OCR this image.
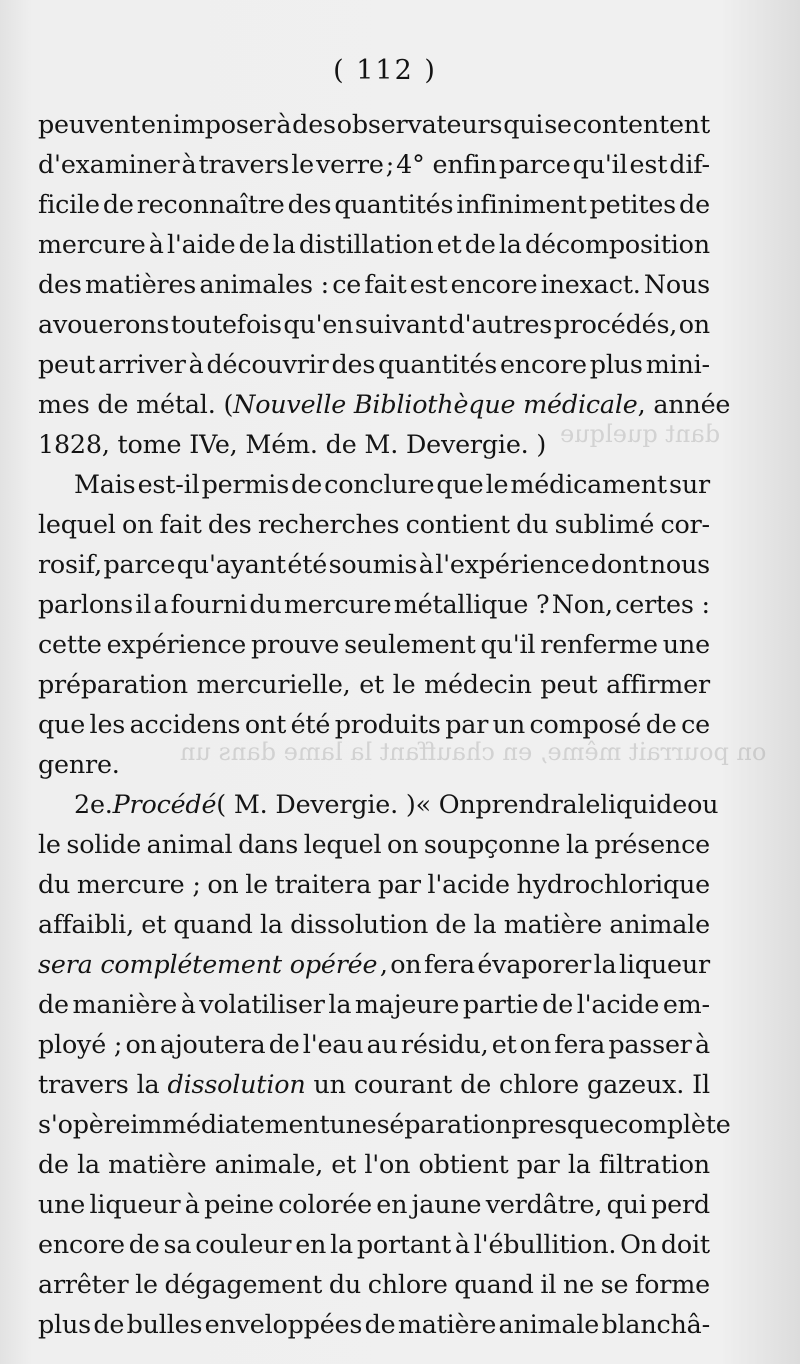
( 112 )
dant quelque
on pourrait même, en chauffant la lame dans un
peuvent en imposer à des observateurs qui se contentent
d'examiner à travers le verre ; 4° enfin parce qu'il est dif-
ficile de reconnaître des quantités infiniment petites de
mercure à l'aide de la distillation et de la décomposition
des matières animales : ce fait est encore inexact. Nous
avouerons toutefois qu'en suivant d'autres procédés, on
peut arriver à découvrir des quantités encore plus mini-
mes de métal. ( Nouvelle Bibliothèque médicale , année
1828, tome IVe, Mém. de M. Devergie. )
Mais est-il permis de conclure que le médicament sur
lequel on fait des recherches contient du sublimé cor-
rosif, parce qu'ayant été soumis à l'expérience dont nous
parlons il a fourni du mercure métallique ? Non, certes :
cette expérience prouve seulement qu'il renferme une
préparation mercurielle, et le médecin peut affirmer
que les accidens ont été produits par un composé de ce
genre.
2e. Procédé ( M. Devergie. ) « On prendra le liquide ou
le solide animal dans lequel on soupçonne la présence
du mercure ; on le traitera par l'acide hydrochlorique
affaibli, et quand la dissolution de la matière animale
sera complétement opérée , on fera évaporer la liqueur
de manière à volatiliser la majeure partie de l'acide em-
ployé ; on ajoutera de l'eau au résidu, et on fera passer à
travers la dissolution un courant de chlore gazeux. Il
s'opère immédiatement une séparation presque complète
de la matière animale, et l'on obtient par la filtration
une liqueur à peine colorée en jaune verdâtre, qui perd
encore de sa couleur en la portant à l'ébullition. On doit
arrêter le dégagement du chlore quand il ne se forme
plus de bulles enveloppées de matière animale blanchâ-
